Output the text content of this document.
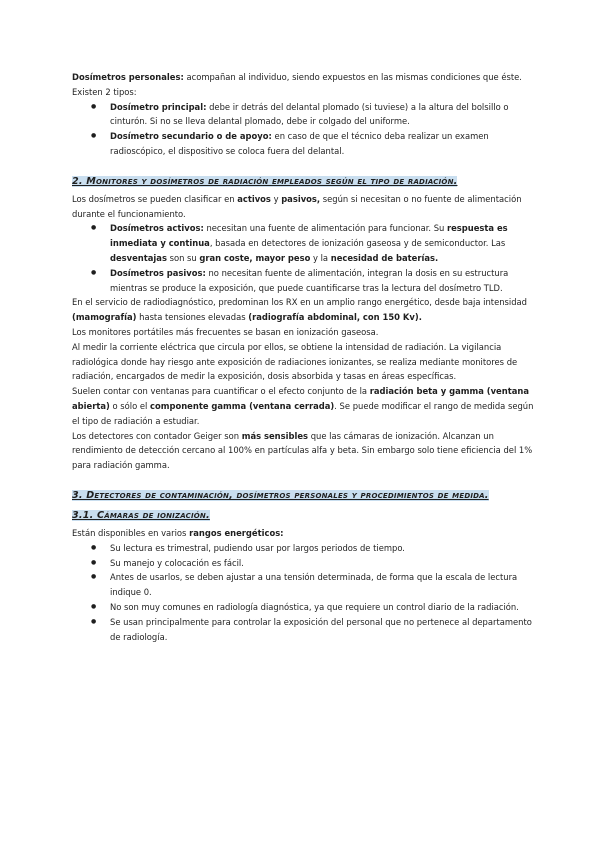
Dosímetros personales: acompañan al individuo, siendo expuestos en las mismas condiciones que éste. Existen 2 tipos:

● Dosímetro principal: debe ir detrás del delantal plomado (si tuviese) a la altura del bolsillo o cinturón. Si no se lleva delantal plomado, debe ir colgado del uniforme.
● Dosímetro secundario o de apoyo: en caso de que el técnico deba realizar un examen radioscópico, el dispositivo se coloca fuera del delantal.
2. Monitores y dosímetros de radiación empleados según el tipo de radiación.

Los dosímetros se pueden clasificar en activos y pasivos, según si necesitan o no fuente de alimentación durante el funcionamiento.

● Dosímetros activos: necesitan una fuente de alimentación para funcionar. Su respuesta es inmediata y continua, basada en detectores de ionización gaseosa y de semiconductor. Las desventajas son su gran coste, mayor peso y la necesidad de baterías.
● Dosímetros pasivos: no necesitan fuente de alimentación, integran la dosis en su estructura mientras se produce la exposición, que puede cuantificarse tras la lectura del dosímetro TLD.

En el servicio de radiodiagnóstico, predominan los RX en un amplio rango energético, desde baja intensidad (mamografía) hasta tensiones elevadas (radiografía abdominal, con 150 Kv).

Los monitores portátiles más frecuentes se basan en ionización gaseosa.

Al medir la corriente eléctrica que circula por ellos, se obtiene la intensidad de radiación. La vigilancia radiológica donde hay riesgo ante exposición de radiaciones ionizantes, se realiza mediante monitores de radiación, encargados de medir la exposición, dosis absorbida y tasas en áreas específicas.

Suelen contar con ventanas para cuantificar o el efecto conjunto de la radiación beta y gamma (ventana abierta) o sólo el componente gamma (ventana cerrada). Se puede modificar el rango de medida según el tipo de radiación a estudiar.

Los detectores con contador Geiger son más sensibles que las cámaras de ionización. Alcanzan un rendimiento de detección cercano al 100% en partículas alfa y beta. Sin embargo solo tiene eficiencia del 1% para radiación gamma.

3. Detectores de contaminación, dosímetros personales y procedimientos de medida.
3.1. Cámaras de ionización.

Están disponibles en varios rangos energéticos:

● Su lectura es trimestral, pudiendo usar por largos periodos de tiempo.
● Su manejo y colocación es fácil.
● Antes de usarlos, se deben ajustar a una tensión determinada, de forma que la escala de lectura indique 0.
● No son muy comunes en radiología diagnóstica, ya que requiere un control diario de la radiación.
● Se usan principalmente para controlar la exposición del personal que no pertenece al departamento de radiología.
